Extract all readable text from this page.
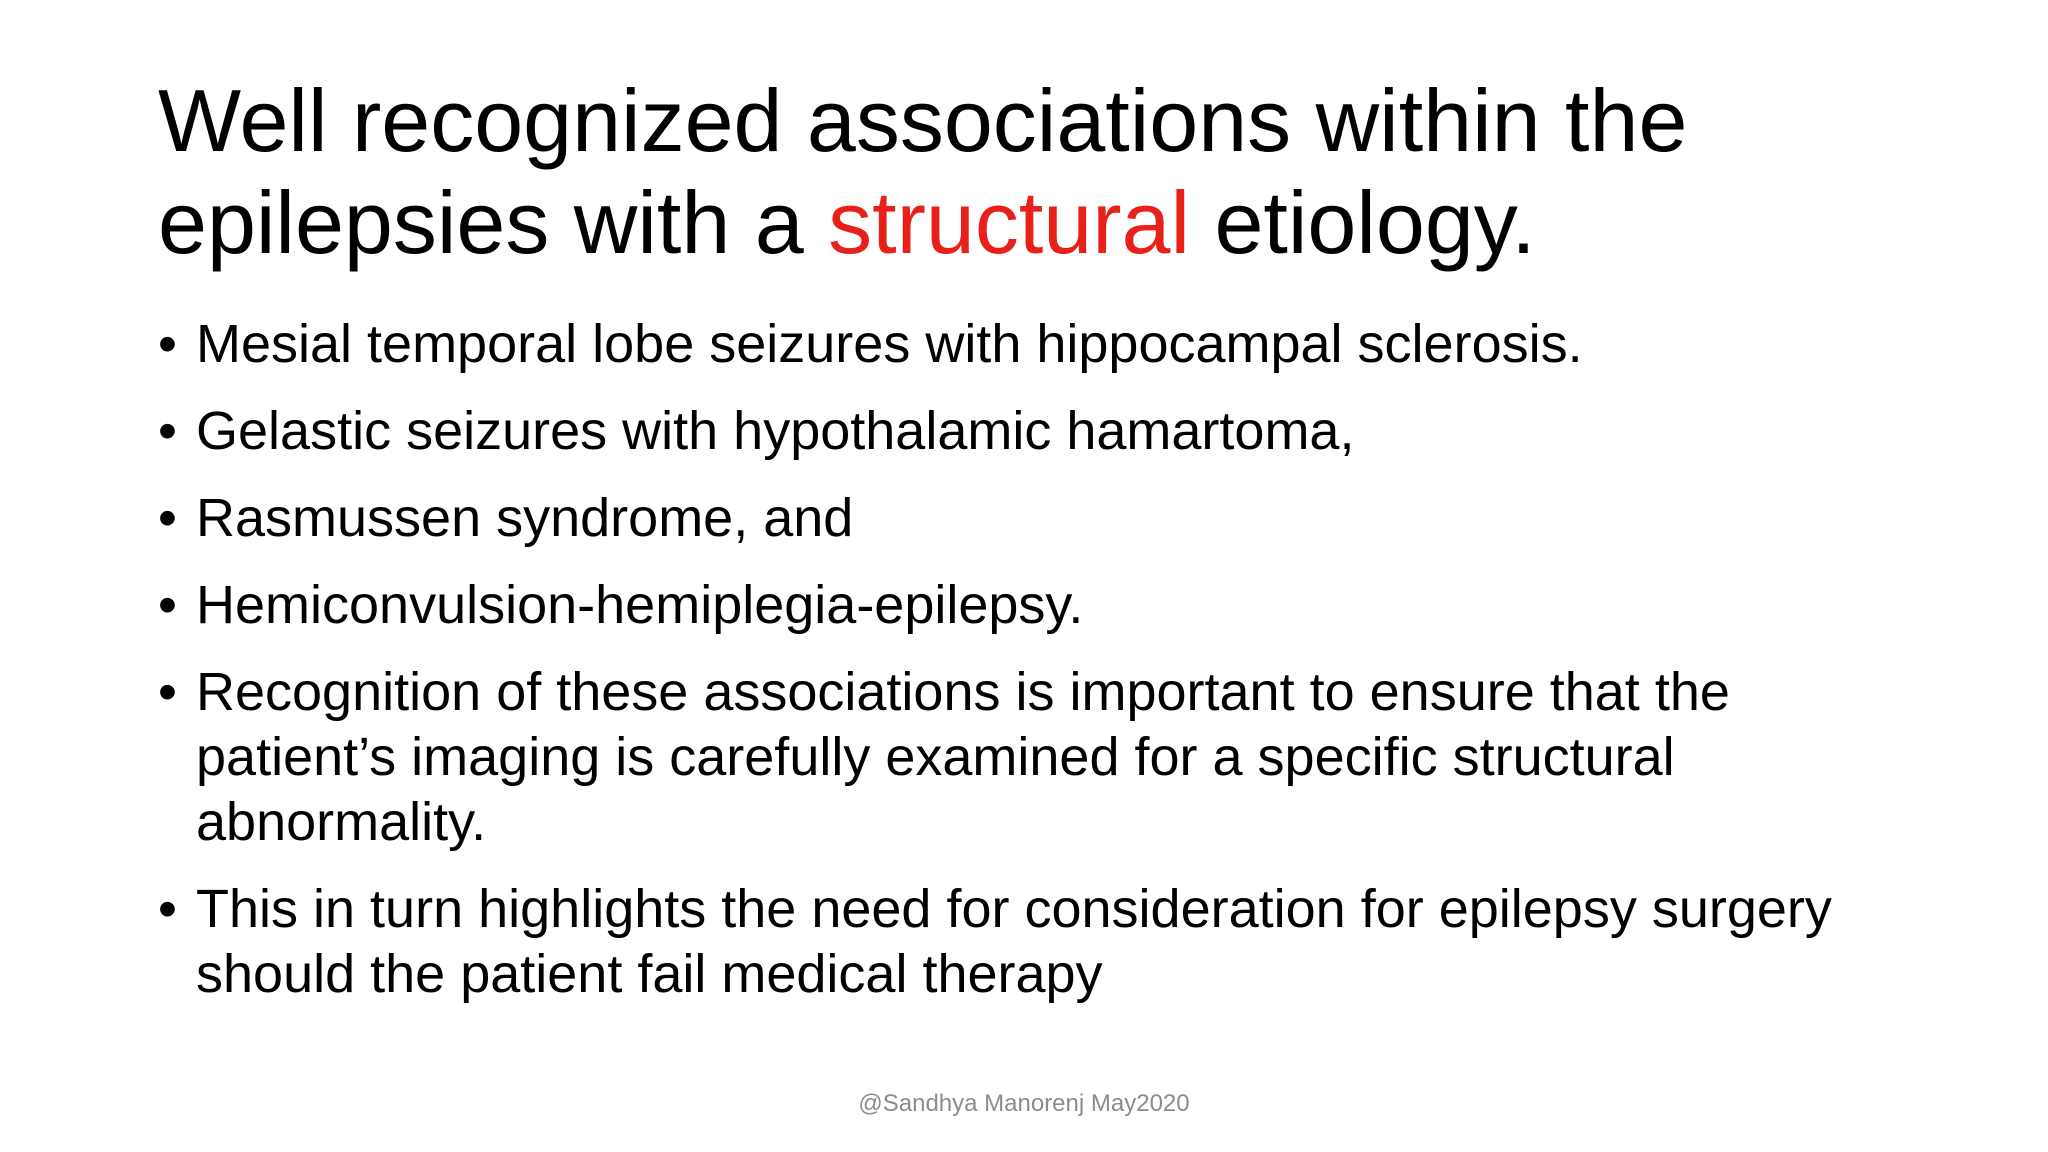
Well recognized associations within the
epilepsies with a structural etiology.
• Mesial temporal lobe seizures with hippocampal sclerosis.
• Gelastic seizures with hypothalamic hamartoma,
• Rasmussen syndrome, and
• Hemiconvulsion-hemiplegia-epilepsy.
• Recognition of these associations is important to ensure that the patient’s imaging is carefully examined for a specific structural abnormality.
• This in turn highlights the need for consideration for epilepsy surgery should the patient fail medical therapy
@Sandhya Manorenj May2020
